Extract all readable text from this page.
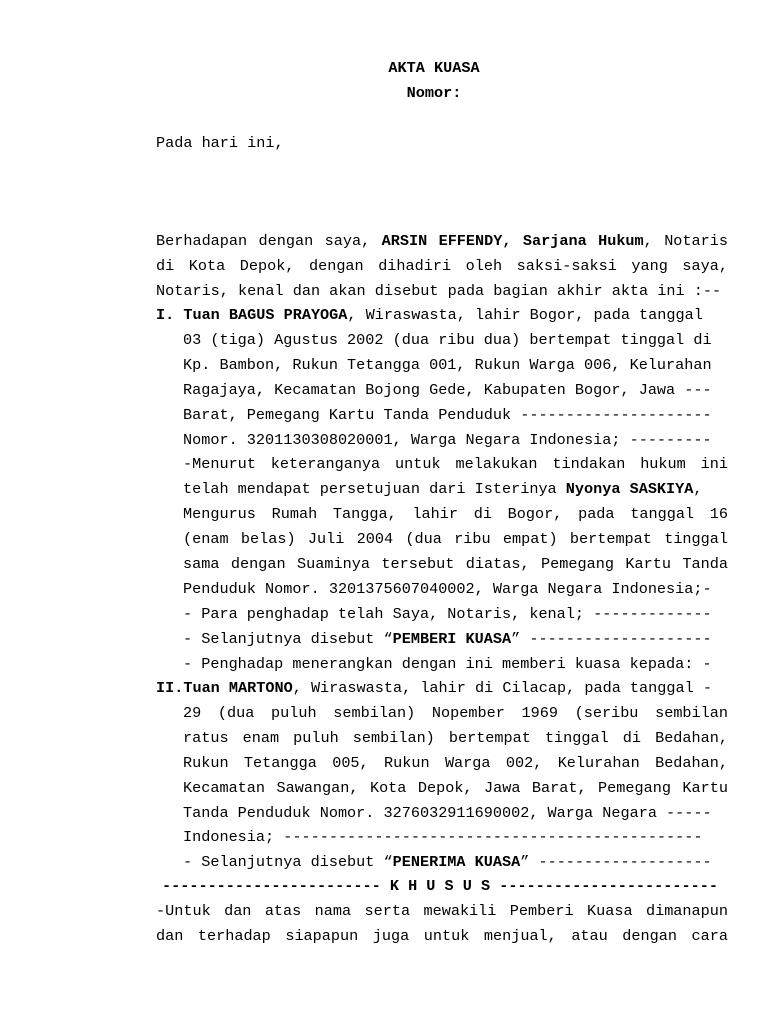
AKTA KUASA
Nomor:
Pada hari ini,
Berhadapan dengan saya, ARSIN EFFENDY, Sarjana Hukum, Notaris
di Kota Depok, dengan dihadiri oleh saksi-saksi yang saya,
Notaris, kenal dan akan disebut pada bagian akhir akta ini :--
I. Tuan BAGUS PRAYOGA, Wiraswasta, lahir Bogor, pada tanggal
03 (tiga) Agustus 2002 (dua ribu dua) bertempat tinggal di
Kp. Bambon, Rukun Tetangga 001, Rukun Warga 006, Kelurahan
Ragajaya, Kecamatan Bojong Gede, Kabupaten Bogor, Jawa ---
Barat, Pemegang Kartu Tanda Penduduk ---------------------
Nomor. 3201130308020001, Warga Negara Indonesia; ---------
-Menurut keteranganya untuk melakukan tindakan hukum ini
telah mendapat persetujuan dari Isterinya Nyonya SASKIYA,
Mengurus Rumah Tangga, lahir di Bogor, pada tanggal 16
(enam belas) Juli 2004 (dua ribu empat) bertempat tinggal
sama dengan Suaminya tersebut diatas, Pemegang Kartu Tanda
Penduduk Nomor. 3201375607040002, Warga Negara Indonesia;-
- Para penghadap telah Saya, Notaris, kenal; -------------
- Selanjutnya disebut “PEMBERI KUASA” --------------------
- Penghadap menerangkan dengan ini memberi kuasa kepada: -
II.Tuan MARTONO, Wiraswasta, lahir di Cilacap, pada tanggal -
29 (dua puluh sembilan) Nopember 1969 (seribu sembilan
ratus enam puluh sembilan) bertempat tinggal di Bedahan,
Rukun Tetangga 005, Rukun Warga 002, Kelurahan Bedahan,
Kecamatan Sawangan, Kota Depok, Jawa Barat, Pemegang Kartu
Tanda Penduduk Nomor. 3276032911690002, Warga Negara -----
Indonesia; ----------------------------------------------
- Selanjutnya disebut “PENERIMA KUASA” -------------------
-Untuk dan atas nama serta mewakili Pemberi Kuasa dimanapun
dan terhadap siapapun juga untuk menjual, atau dengan cara
------------------------ K H U S U S ------------------------
